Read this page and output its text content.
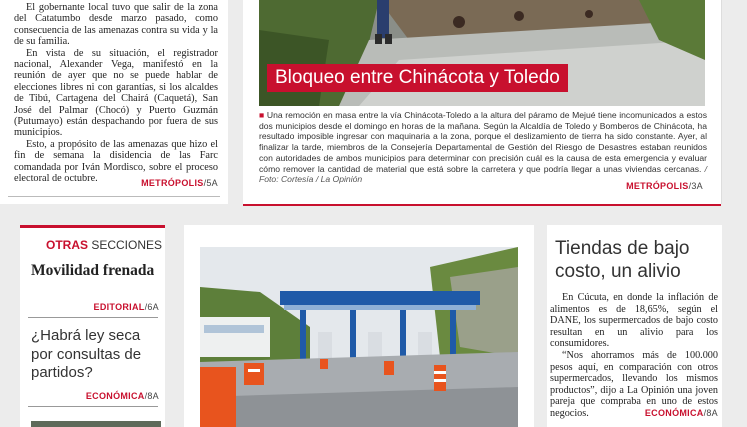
El gobernante local tuvo que salir de la zona del Catatumbo desde marzo pasado, como consecuencia de las amenazas contra su vida y la de su familia.

En vista de su situación, el registrador nacional, Alexander Vega, manifestó en la reunión de ayer que no se puede hablar de elecciones libres ni con garantías, si los alcaldes de Tibú, Cartagena del Chairá (Caquetá), San José del Palmar (Chocó) y Puerto Guzmán (Putumayo) están despachando por fuera de sus municipios.

Esto, a propósito de las amenazas que hizo el fin de semana la disidencia de las Farc comandada por Iván Mordisco, sobre el proceso electoral de octubre.	METRÓPOLIS/5A
Bloqueo entre Chinácota y Toledo
■ Una remoción en masa entre la vía Chinácota-Toledo a la altura del páramo de Mejué tiene incomunicados a estos dos municipios desde el domingo en horas de la mañana. Según la Alcaldía de Toledo y Bomberos de Chinácota, ha resultado imposible ingresar con maquinaria a la zona, porque el deslizamiento de tierra ha sido constante. Ayer, al finalizar la tarde, miembros de la Consejería Departamental de Gestión del Riesgo de Desastres estaban reunidos con autoridades de ambos municipios para determinar con precisión cuál es la causa de esta emergencia y evaluar cómo remover la cantidad de material que está sobre la carretera y que podría llegar a unas viviendas cercanas. / Foto: Cortesía / La Opinión
METRÓPOLIS/3A
OTRAS SECCIONES
Movilidad frenada
EDITORIAL/6A
¿Habrá ley seca por consultas de partidos?
ECONÓMICA/8A
Tiendas de bajo costo, un alivio

En Cúcuta, en donde la inflación de alimentos es de 18,65%, según el DANE, los supermercados de bajo costo resultan en un alivio para los consumidores.

“Nos ahorramos más de 100.000 pesos aquí, en comparación con otros supermercados, llevando los mismos productos”, dijo a La Opinión una joven pareja que compraba en uno de estos negocios.	ECONÓMICA/8A
